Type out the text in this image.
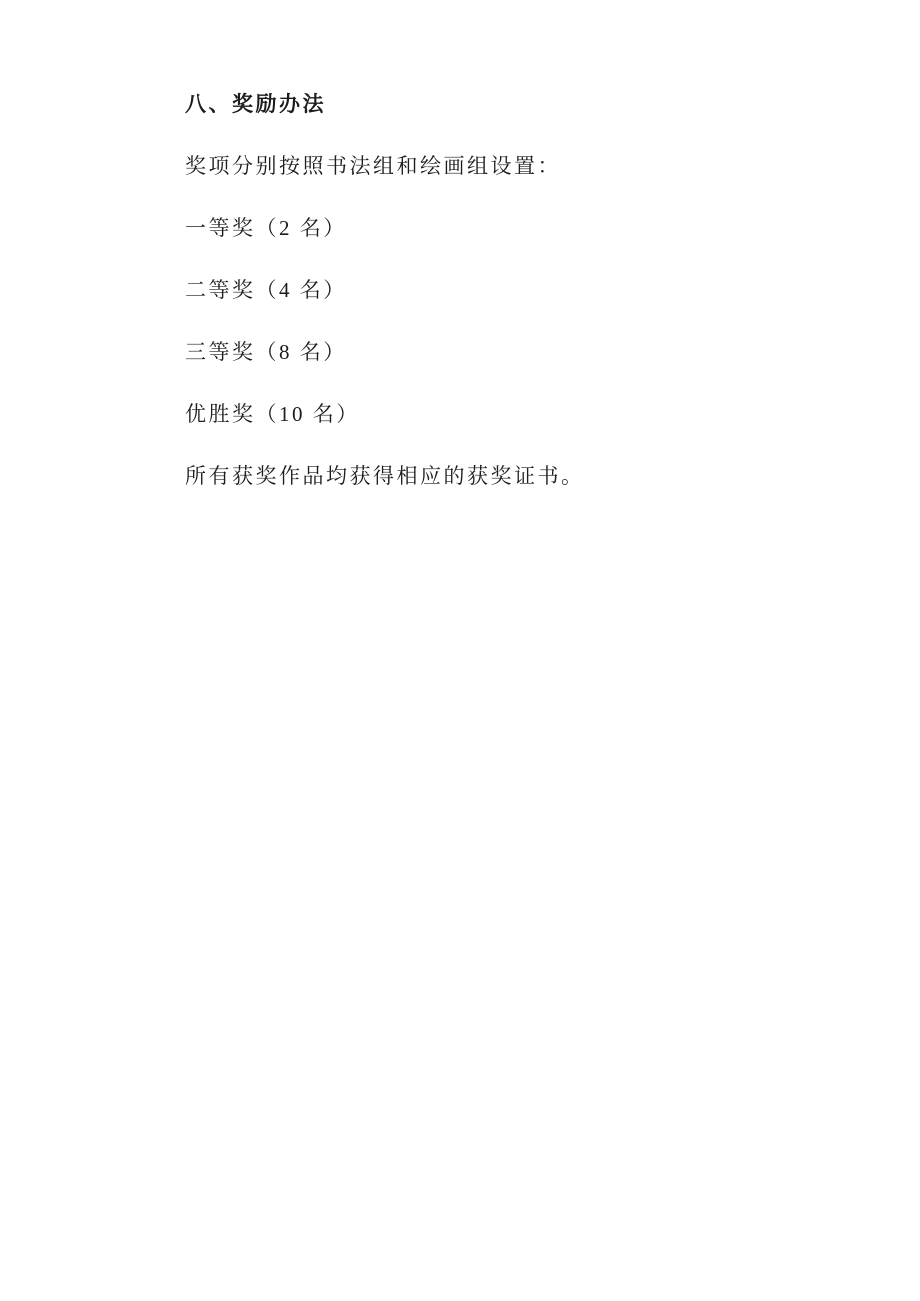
八、奖励办法

奖项分别按照书法组和绘画组设置：

一等奖（2 名）

二等奖（4 名）

三等奖（8 名）

优胜奖（10 名）

所有获奖作品均获得相应的获奖证书。
